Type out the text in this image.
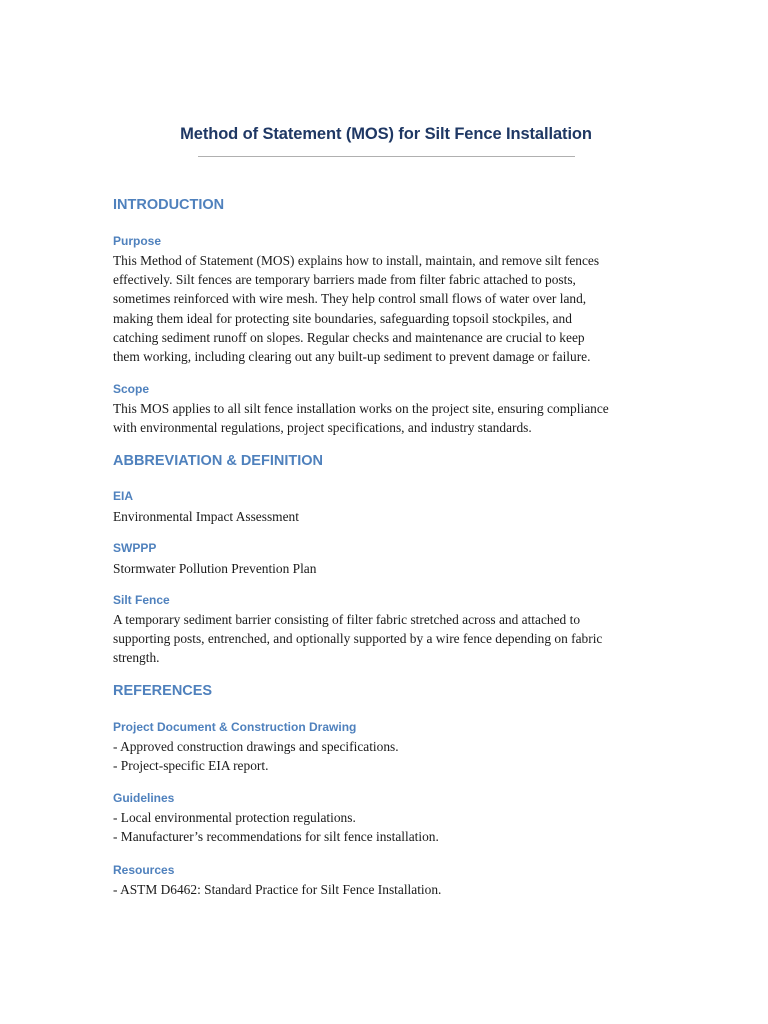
Method of Statement (MOS) for Silt Fence Installation
INTRODUCTION
Purpose
This Method of Statement (MOS) explains how to install, maintain, and remove silt fences
effectively. Silt fences are temporary barriers made from filter fabric attached to posts,
sometimes reinforced with wire mesh. They help control small flows of water over land,
making them ideal for protecting site boundaries, safeguarding topsoil stockpiles, and
catching sediment runoff on slopes. Regular checks and maintenance are crucial to keep
them working, including clearing out any built-up sediment to prevent damage or failure.
Scope
This MOS applies to all silt fence installation works on the project site, ensuring compliance
with environmental regulations, project specifications, and industry standards.
ABBREVIATION & DEFINITION
EIA
Environmental Impact Assessment
SWPPP
Stormwater Pollution Prevention Plan
Silt Fence
A temporary sediment barrier consisting of filter fabric stretched across and attached to
supporting posts, entrenched, and optionally supported by a wire fence depending on fabric
strength.
REFERENCES
Project Document & Construction Drawing
- Approved construction drawings and specifications.
- Project-specific EIA report.
Guidelines
- Local environmental protection regulations.
- Manufacturer’s recommendations for silt fence installation.
Resources
- ASTM D6462: Standard Practice for Silt Fence Installation.
